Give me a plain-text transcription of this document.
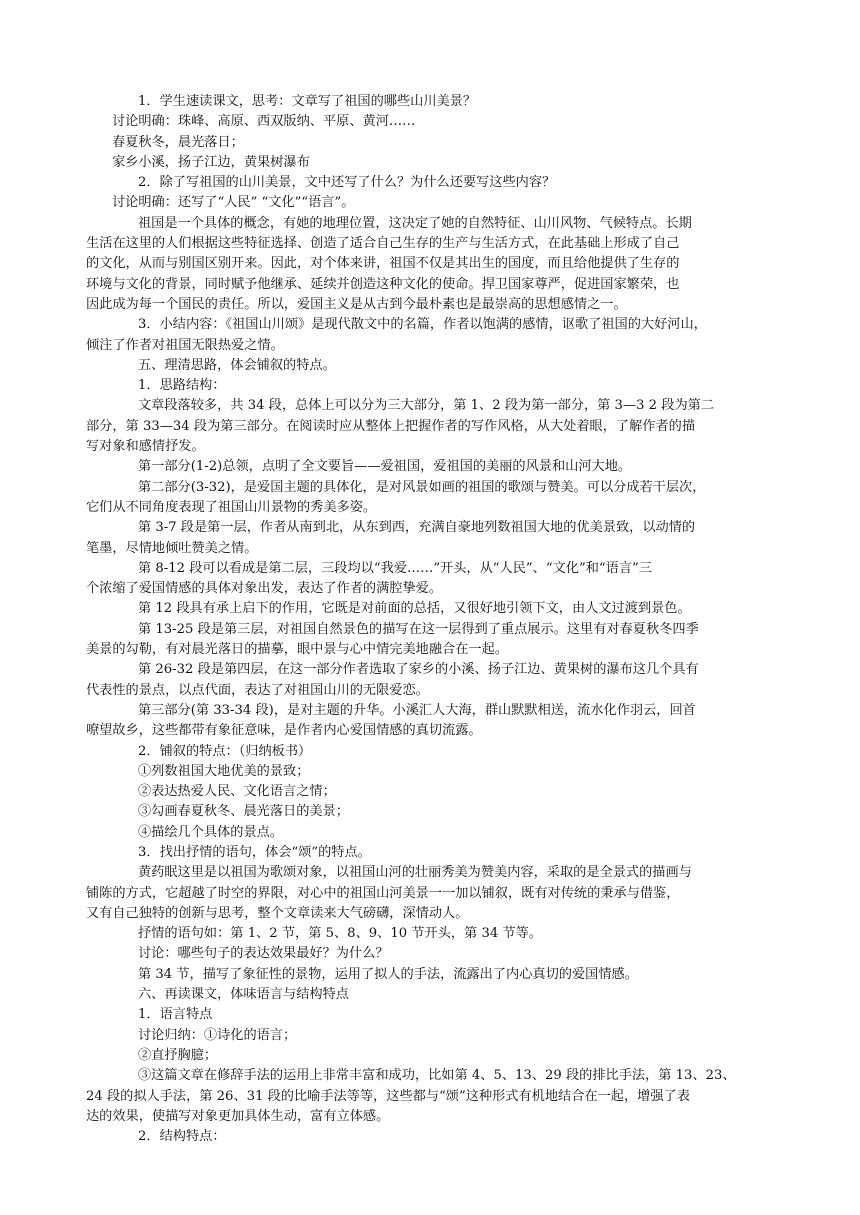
1．学生速读课文，思考：文章写了祖国的哪些山川美景？
讨论明确：珠峰、高原、西双版纳、平原、黄河……
春夏秋冬，晨光落日；
家乡小溪，扬子江边，黄果树瀑布
2．除了写祖国的山川美景，文中还写了什么？为什么还要写这些内容？
讨论明确：还写了“人民” “文化”“语言”。
祖国是一个具体的概念，有她的地理位置，这决定了她的自然特征、山川风物、气候特点。长期
生活在这里的人们根据这些特征选择、创造了适合自己生存的生产与生活方式，在此基础上形成了自己
的文化，从而与别国区别开来。因此，对个体来讲，祖国不仅是其出生的国度，而且给他提供了生存的
环境与文化的背景，同时赋予他继承、延续并创造这种文化的使命。捍卫国家尊严，促进国家繁荣，也
因此成为每一个国民的责任。所以，爱国主义是从古到今最朴素也是最崇高的思想感情之一。
3．小结内容：《祖国山川颂》是现代散文中的名篇，作者以饱满的感情，讴歌了祖国的大好河山，
倾注了作者对祖国无限热爱之情。
五、理清思路，体会铺叙的特点。
1．思路结构：
文章段落较多，共 34 段，总体上可以分为三大部分，第 1、2 段为第一部分，第 3—3 2 段为第二
部分，第 33—34 段为第三部分。在阅读时应从整体上把握作者的写作风格，从大处着眼，了解作者的描
写对象和感情抒发。
第一部分(1-2)总领，点明了全文要旨——爱祖国，爱祖国的美丽的风景和山河大地。
第二部分(3-32)，是爱国主题的具体化，是对风景如画的祖国的歌颂与赞美。可以分成若干层次，
它们从不同角度表现了祖国山川景物的秀美多姿。
第 3-7 段是第一层，作者从南到北，从东到西，充满自豪地列数祖国大地的优美景致，以动情的
笔墨，尽情地倾吐赞美之情。
第 8-12 段可以看成是第二层，三段均以“我爱……”开头，从“人民”、“文化”和“语言”三
个浓缩了爱国情感的具体对象出发，表达了作者的满腔挚爱。
第 12 段具有承上启下的作用，它既是对前面的总括，又很好地引领下文，由人文过渡到景色。
第 13-25 段是第三层，对祖国自然景色的描写在这一层得到了重点展示。这里有对春夏秋冬四季
美景的勾勒，有对晨光落日的描摹，眼中景与心中情完美地融合在一起。
第 26-32 段是第四层，在这一部分作者选取了家乡的小溪、扬子江边、黄果树的瀑布这几个具有
代表性的景点，以点代面，表达了对祖国山川的无限爱恋。
第三部分(第 33-34 段)，是对主题的升华。小溪汇人大海，群山默默相送，流水化作羽云，回首
嘹望故乡，这些都带有象征意味，是作者内心爱国情感的真切流露。
2．铺叙的特点：（归纳板书）
①列数祖国大地优美的景致；
②表达热爱人民、文化语言之情；
③勾画春夏秋冬、晨光落日的美景；
④描绘几个具体的景点。
3．找出抒情的语句，体会“颂”的特点。
黄药眠这里是以祖国为歌颂对象，以祖国山河的壮丽秀美为赞美内容，采取的是全景式的描画与
铺陈的方式，它超越了时空的界限，对心中的祖国山河美景一一加以铺叙，既有对传统的秉承与借鉴，
又有自己独特的创新与思考，整个文章读来大气磅礴，深情动人。
抒情的语句如：第 1、2 节，第 5、8、9、10 节开头，第 34 节等。
讨论：哪些句子的表达效果最好？为什么？
第 34 节，描写了象征性的景物，运用了拟人的手法，流露出了内心真切的爱国情感。
六、再读课文，体味语言与结构特点
1．语言特点
讨论归纳：①诗化的语言；
②直抒胸臆；
③这篇文章在修辞手法的运用上非常丰富和成功，比如第 4、5、13、29 段的排比手法，第 13、23、
24 段的拟人手法，第 26、31 段的比喻手法等等，这些都与“颂”这种形式有机地结合在一起，增强了表
达的效果，使描写对象更加具体生动，富有立体感。
2．结构特点：
